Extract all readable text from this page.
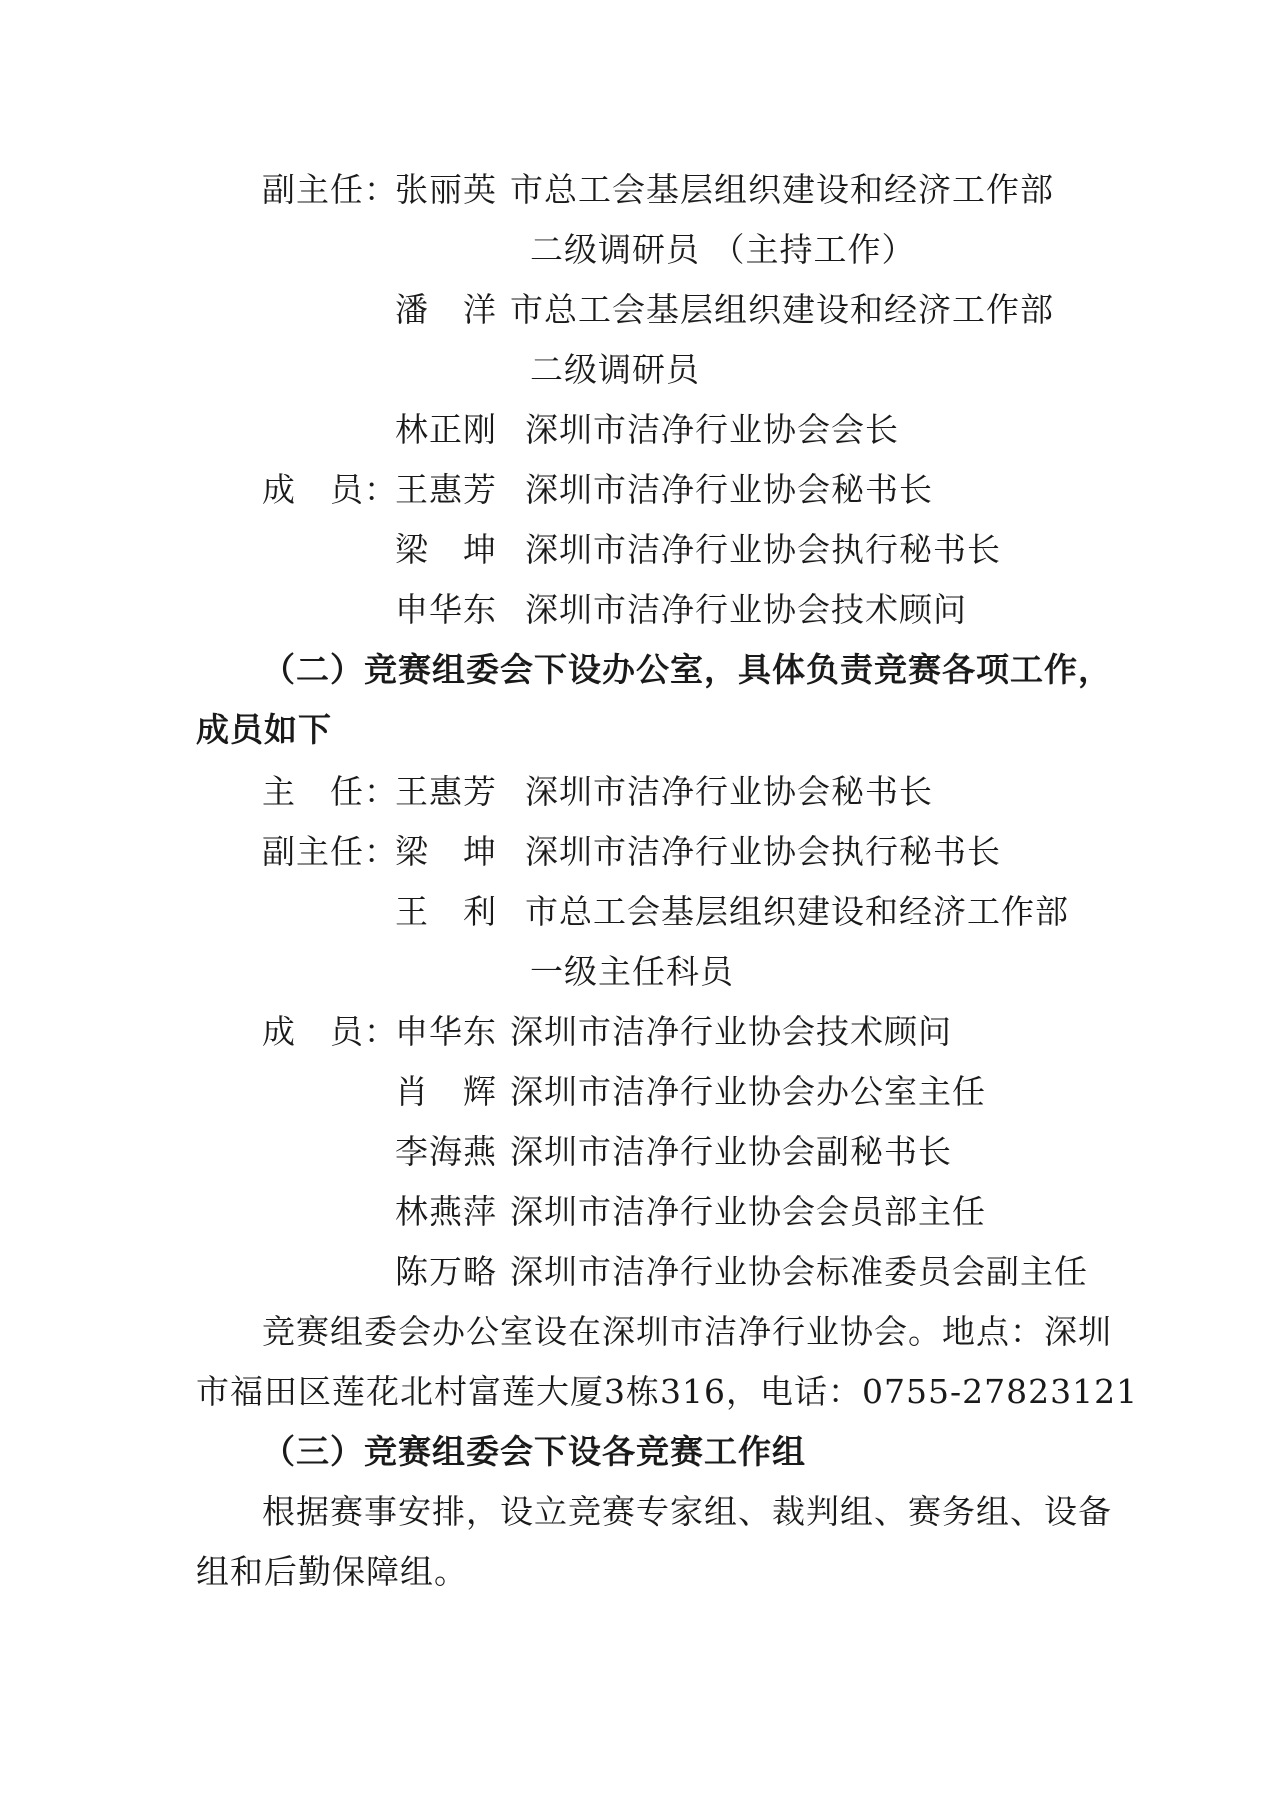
副主任：
张丽英 市总工会基层组织建设和经济工作部
二级调研员 （主持工作）
潘　洋 市总工会基层组织建设和经济工作部
二级调研员
林正刚 深圳市洁净行业协会会长
成　员：
王惠芳 深圳市洁净行业协会秘书长
梁　坤 深圳市洁净行业协会执行秘书长
申华东 深圳市洁净行业协会技术顾问
（二）竞赛组委会下设办公室，具体负责竞赛各项工作，
成员如下
主　任：
王惠芳 深圳市洁净行业协会秘书长
副主任：
梁　坤 深圳市洁净行业协会执行秘书长
王　利 市总工会基层组织建设和经济工作部
一级主任科员
成　员：
申华东 深圳市洁净行业协会技术顾问
肖　辉 深圳市洁净行业协会办公室主任
李海燕 深圳市洁净行业协会副秘书长
林燕萍 深圳市洁净行业协会会员部主任
陈万略 深圳市洁净行业协会标准委员会副主任
竞赛组委会办公室设在深圳市洁净行业协会。地点：深圳
市福田区莲花北村富莲大厦3栋316，电话：0755-27823121
（三）竞赛组委会下设各竞赛工作组
根据赛事安排，设立竞赛专家组、裁判组、赛务组、设备
组和后勤保障组。
